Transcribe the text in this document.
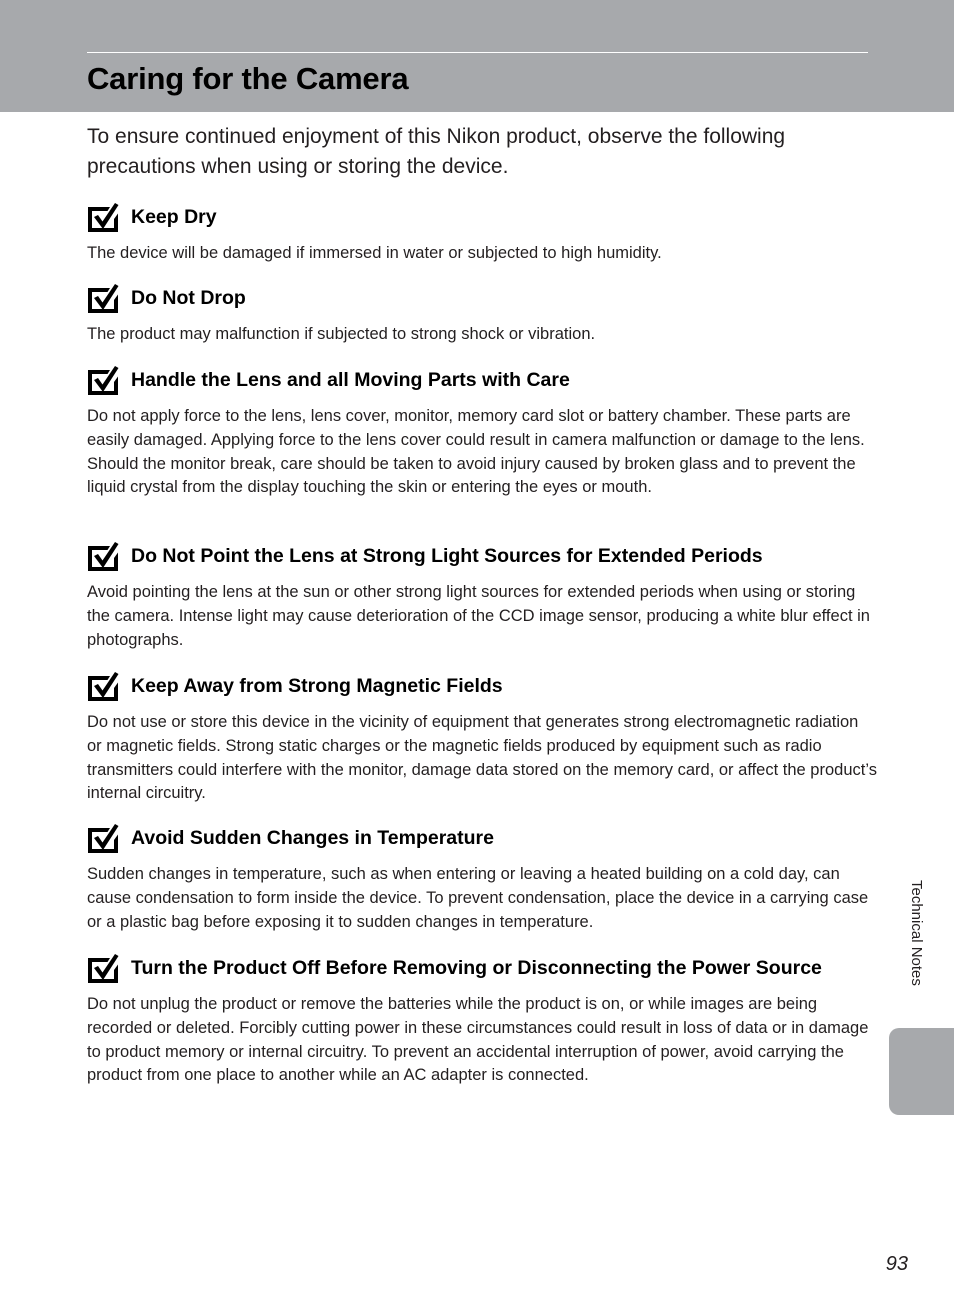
Caring for the Camera

To ensure continued enjoyment of this Nikon product, observe the following precautions when using or storing the device.

Keep Dry

The device will be damaged if immersed in water or subjected to high humidity.

Do Not Drop

The product may malfunction if subjected to strong shock or vibration.

Handle the Lens and all Moving Parts with Care

Do not apply force to the lens, lens cover, monitor, memory card slot or battery chamber. These parts are easily damaged. Applying force to the lens cover could result in camera malfunction or damage to the lens. Should the monitor break, care should be taken to avoid injury caused by broken glass and to prevent the liquid crystal from the display touching the skin or entering the eyes or mouth.

Do Not Point the Lens at Strong Light Sources for Extended Periods

Avoid pointing the lens at the sun or other strong light sources for extended periods when using or storing the camera. Intense light may cause deterioration of the CCD image sensor, producing a white blur effect in photographs.

Keep Away from Strong Magnetic Fields

Do not use or store this device in the vicinity of equipment that generates strong electromagnetic radiation or magnetic fields. Strong static charges or the magnetic fields produced by equipment such as radio transmitters could interfere with the monitor, damage data stored on the memory card, or affect the product’s internal circuitry.

Avoid Sudden Changes in Temperature

Sudden changes in temperature, such as when entering or leaving a heated building on a cold day, can cause condensation to form inside the device. To prevent condensation, place the device in a carrying case or a plastic bag before exposing it to sudden changes in temperature.

Turn the Product Off Before Removing or Disconnecting the Power Source

Do not unplug the product or remove the batteries while the product is on, or while images are being recorded or deleted. Forcibly cutting power in these circumstances could result in loss of data or in damage to product memory or internal circuitry. To prevent an accidental interruption of power, avoid carrying the product from one place to another while an AC adapter is connected.

Technical Notes
93
